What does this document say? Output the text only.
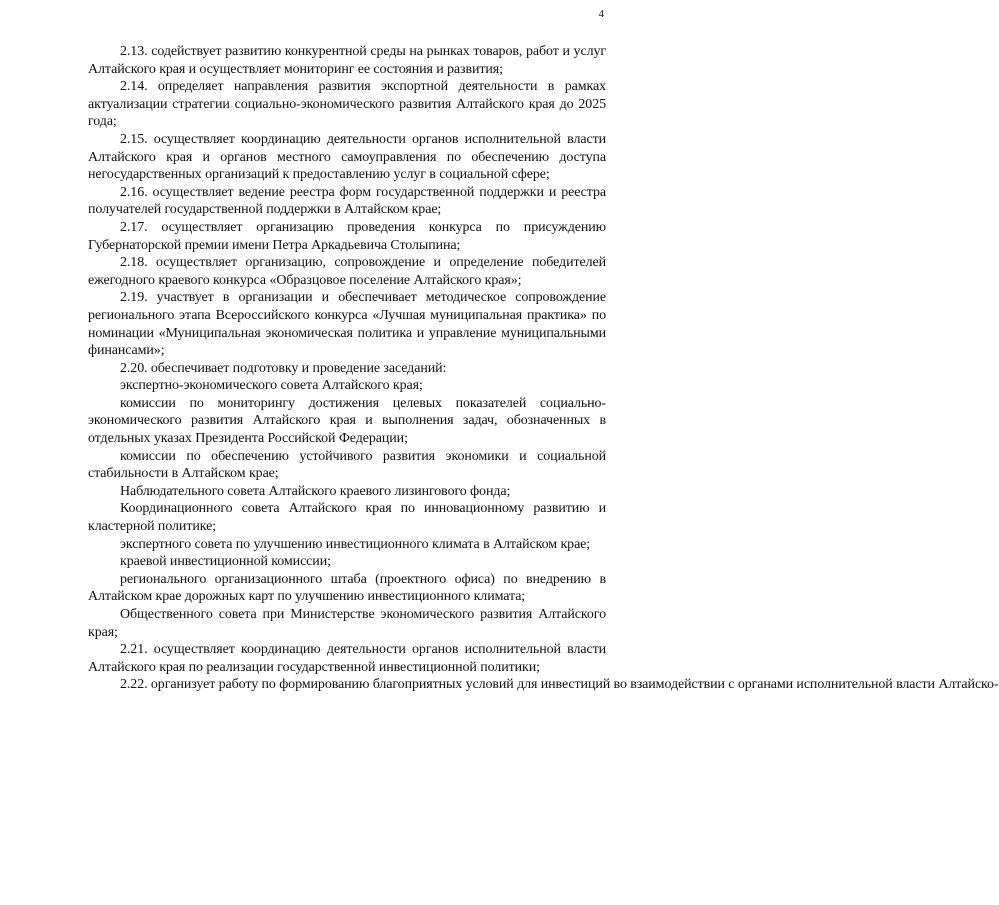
4

2.13. содействует развитию конкурентной среды на рынках товаров, работ и услуг Алтайского края и осуществляет мониторинг ее состояния и развития;

2.14. определяет направления развития экспортной деятельности в рамках актуализации стратегии социально-экономического развития Алтайского края до 2025 года;

2.15. осуществляет координацию деятельности органов исполнительной власти Алтайского края и органов местного самоуправления по обеспечению доступа негосударственных организаций к предоставлению услуг в социальной сфере;

2.16. осуществляет ведение реестра форм государственной поддержки и реестра получателей государственной поддержки в Алтайском крае;

2.17. осуществляет организацию проведения конкурса по присуждению Губернаторской премии имени Петра Аркадьевича Столыпина;

2.18. осуществляет организацию, сопровождение и определение победителей ежегодного краевого конкурса «Образцовое поселение Алтайского края»;

2.19. участвует в организации и обеспечивает методическое сопровождение регионального этапа Всероссийского конкурса «Лучшая муниципальная практика» по номинации «Муниципальная экономическая политика и управление муниципальными финансами»;

2.20. обеспечивает подготовку и проведение заседаний:

экспертно-экономического совета Алтайского края;

комиссии по мониторингу достижения целевых показателей социально-экономического развития Алтайского края и выполнения задач, обозначенных в отдельных указах Президента Российской Федерации;

комиссии по обеспечению устойчивого развития экономики и социальной стабильности в Алтайском крае;

Наблюдательного совета Алтайского краевого лизингового фонда;

Координационного совета Алтайского края по инновационному развитию и кластерной политике;

экспертного совета по улучшению инвестиционного климата в Алтайском крае;

краевой инвестиционной комиссии;

регионального организационного штаба (проектного офиса) по внедрению в Алтайском крае дорожных карт по улучшению инвестиционного климата;

Общественного совета при Министерстве экономического развития Алтайского края;

2.21. осуществляет координацию деятельности органов исполнительной власти Алтайского края по реализации государственной инвестиционной политики;

2.22. организует работу по формированию благоприятных условий для инвестиций во взаимодействии с органами исполнительной власти Алтайско-
